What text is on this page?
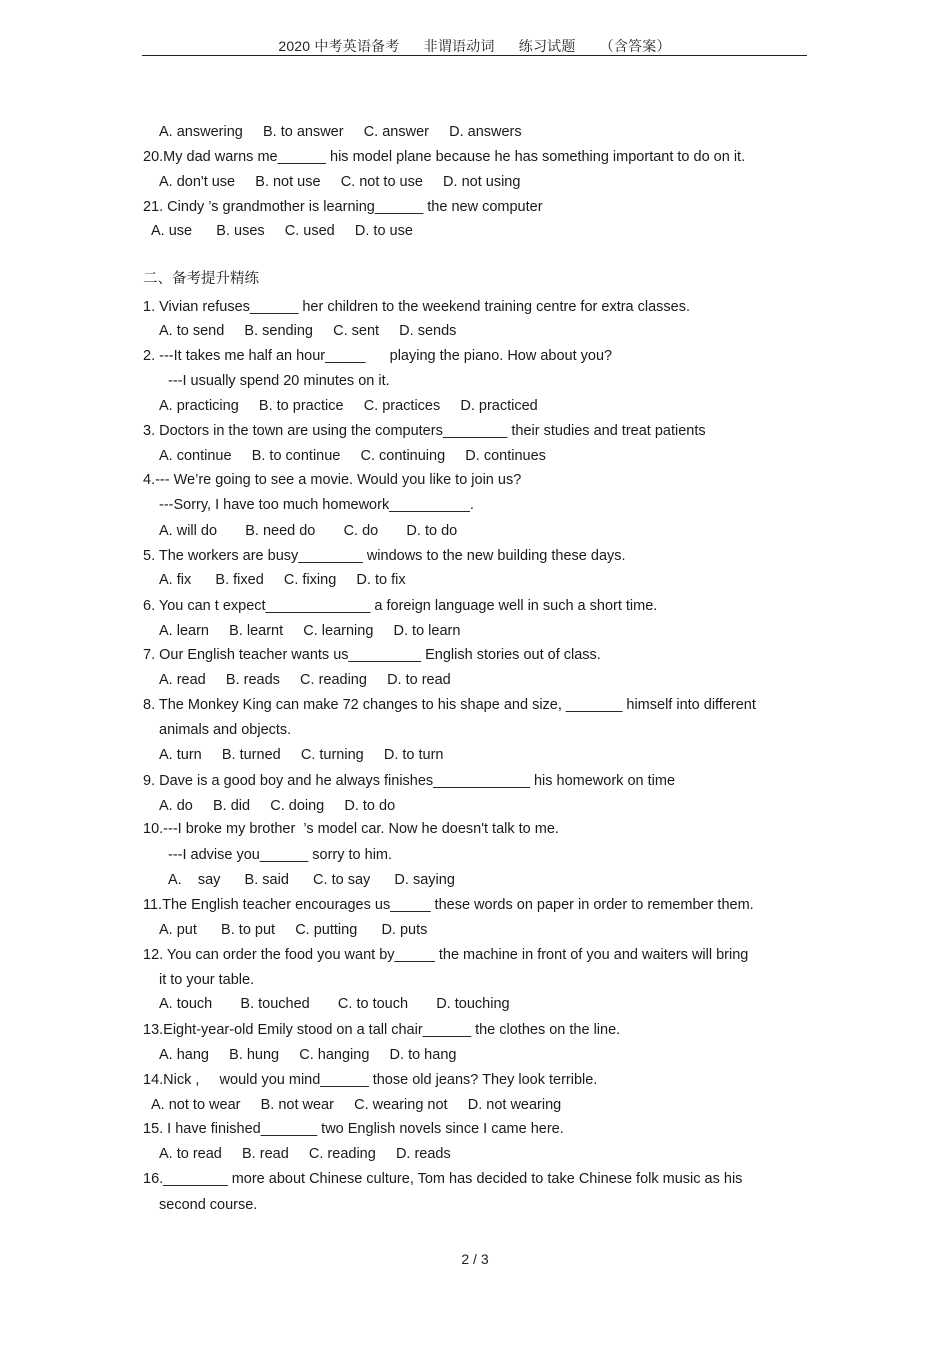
2020 中考英语备考 非谓语动词 练习试题 （含答案）
A. answering     B. to answer     C. answer     D. answers
20.My dad warns me______ his model plane because he has something important to do on it.
A. don't use     B. not use     C. not to use     D. not using
21. Cindy ’s grandmother is learning______ the new computer
A. use      B. uses     C. used     D. to use
二、备考提升精练
1. Vivian refuses______ her children to the weekend training centre for extra classes.
A. to send     B. sending     C. sent     D. sends
2. ---It takes me half an hour_____      playing the piano. How about you?
---I usually spend 20 minutes on it.
A. practicing     B. to practice     C. practices     D. practiced
3. Doctors in the town are using the computers________ their studies and treat patients
A. continue     B. to continue     C. continuing     D. continues
4.--- We’re going to see a movie. Would you like to join us?
---Sorry, I have too much homework__________.
A. will do       B. need do       C. do       D. to do
5. The workers are busy________ windows to the new building these days.
A. fix      B. fixed     C. fixing     D. to fix
6. You can t expect_____________ a foreign language well in such a short time.
A. learn     B. learnt     C. learning     D. to learn
7. Our English teacher wants us_________ English stories out of class.
A. read     B. reads     C. reading     D. to read
8. The Monkey King can make 72 changes to his shape and size, _______ himself into different
animals and objects.
A. turn     B. turned     C. turning     D. to turn
9. Dave is a good boy and he always finishes____________ his homework on time
A. do     B. did     C. doing     D. to do
10.---I broke my brother  ’s model car. Now he doesn't talk to me.
---I advise you______ sorry to him.
A.    say      B. said      C. to say      D. saying
11.The English teacher encourages us_____ these words on paper in order to remember them.
A. put      B. to put     C. putting      D. puts
12. You can order the food you want by_____ the machine in front of you and waiters will bring
it to your table.
A. touch       B. touched       C. to touch       D. touching
13.Eight-year-old Emily stood on a tall chair______ the clothes on the line.
A. hang     B. hung     C. hanging     D. to hang
14.Nick ,     would you mind______ those old jeans? They look terrible.
A. not to wear     B. not wear     C. wearing not     D. not wearing
15. I have finished_______ two English novels since I came here.
A. to read     B. read     C. reading     D. reads
16.________ more about Chinese culture, Tom has decided to take Chinese folk music as his
second course.
2 / 3
